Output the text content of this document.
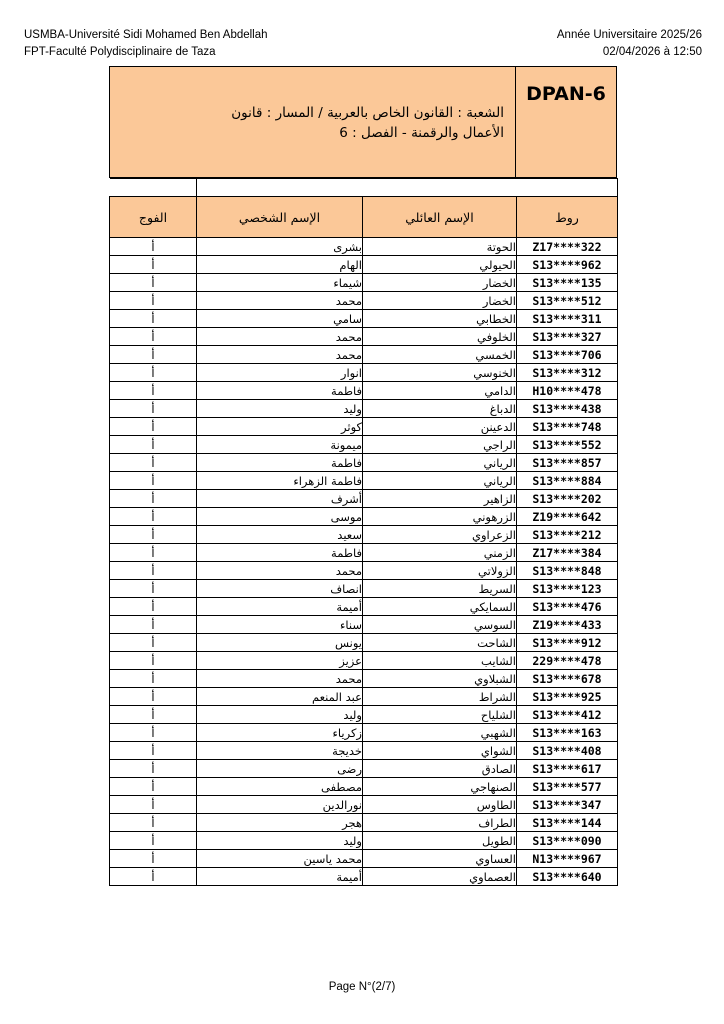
USMBA-Université Sidi Mohamed Ben Abdellah
FPT-Faculté Polydisciplinaire de Taza
Année Universitaire 2025/26
02/04/2026 à 12:50
الشعبة : القانون الخاص بالعربية / المسار : قانون
الأعمال والرقمنة - الفصل : 6
DPAN-6

الفوج	الإسم الشخصي	الإسم العائلي	روط
أ	بشرى	الحوتة	Z17****322
أ	الهام	الحيولي	S13****962
أ	شيماء	الخضار	S13****135
أ	محمد	الخضار	S13****512
أ	سامي	الخطابي	S13****311
أ	محمد	الخلوفي	S13****327
أ	محمد	الخمسي	S13****706
أ	انوار	الخنوسي	S13****312
أ	فاطمة	الدامي	H10****478
أ	وليد	الدباغ	S13****438
أ	كوثر	الدعينن	S13****748
أ	ميمونة	الراجي	S13****552
أ	فاطمة	الرياني	S13****857
أ	فاطمة الزهراء	الرياني	S13****884
أ	أشرف	الزاهير	S13****202
أ	موسى	الزرهوني	Z19****642
أ	سعيد	الزعراوي	S13****212
أ	فاطمة	الزمني	Z17****384
أ	محمد	الزولاتي	S13****848
أ	انصاف	السريط	S13****123
أ	أميمة	السمايكي	S13****476
أ	سناء	السوسي	Z19****433
أ	يونس	الشاحت	S13****912
أ	عزيز	الشايب	229****478
أ	محمد	الشبلاوي	S13****678
أ	عبد المنعم	الشراط	S13****925
أ	وليد	الشلياح	S13****412
أ	زكرياء	الشهبي	S13****163
أ	خديجة	الشواي	S13****408
أ	رضى	الصادق	S13****617
أ	مصطفى	الصنهاجي	S13****577
أ	نورالدين	الطاوس	S13****347
أ	هجر	الطراف	S13****144
أ	وليد	الطويل	S13****090
أ	محمد ياسين	العساوي	N13****967
أ	أميمة	العصماوي	S13****640
Page N°(2/7)
